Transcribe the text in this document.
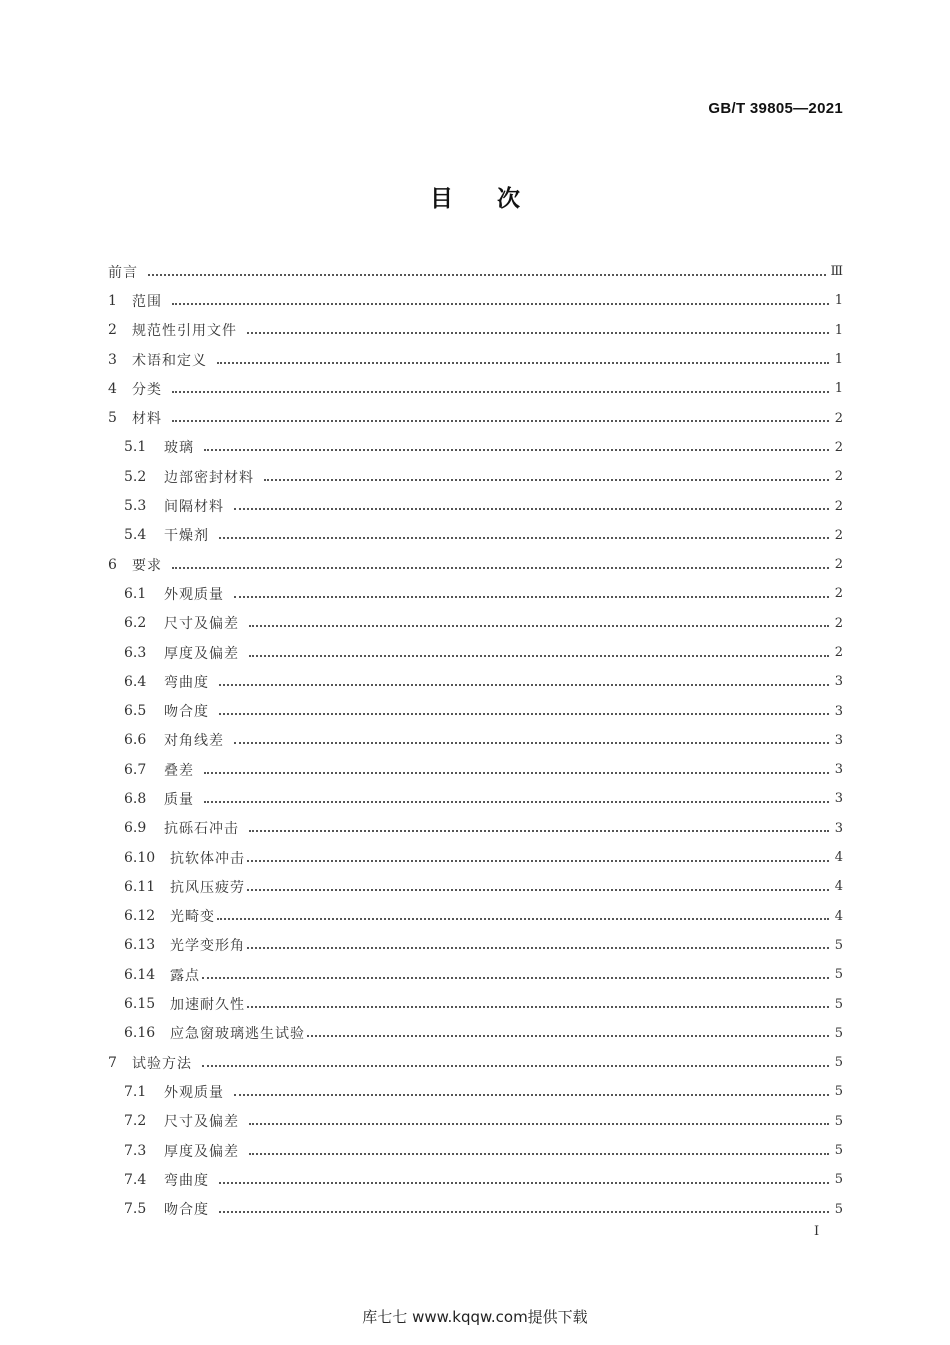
GB/T 39805—2021
目次
前言	Ⅲ
1	范围	1
2	规范性引用文件	1
3	术语和定义	1
4	分类	1
5	材料	2
5.1	玻璃	2
5.2	边部密封材料	2
5.3	间隔材料	2
5.4	干燥剂	2
6	要求	2
6.1	外观质量	2
6.2	尺寸及偏差	2
6.3	厚度及偏差	2
6.4	弯曲度	3
6.5	吻合度	3
6.6	对角线差	3
6.7	叠差	3
6.8	质量	3
6.9	抗砾石冲击	3
6.10	抗软体冲击	4
6.11	抗风压疲劳	4
6.12	光畸变	4
6.13	光学变形角	5
6.14	露点	5
6.15	加速耐久性	5
6.16	应急窗玻璃逃生试验	5
7	试验方法	5
7.1	外观质量	5
7.2	尺寸及偏差	5
7.3	厚度及偏差	5
7.4	弯曲度	5
7.5	吻合度	5
I
库七七 www.kqqw.com提供下载
